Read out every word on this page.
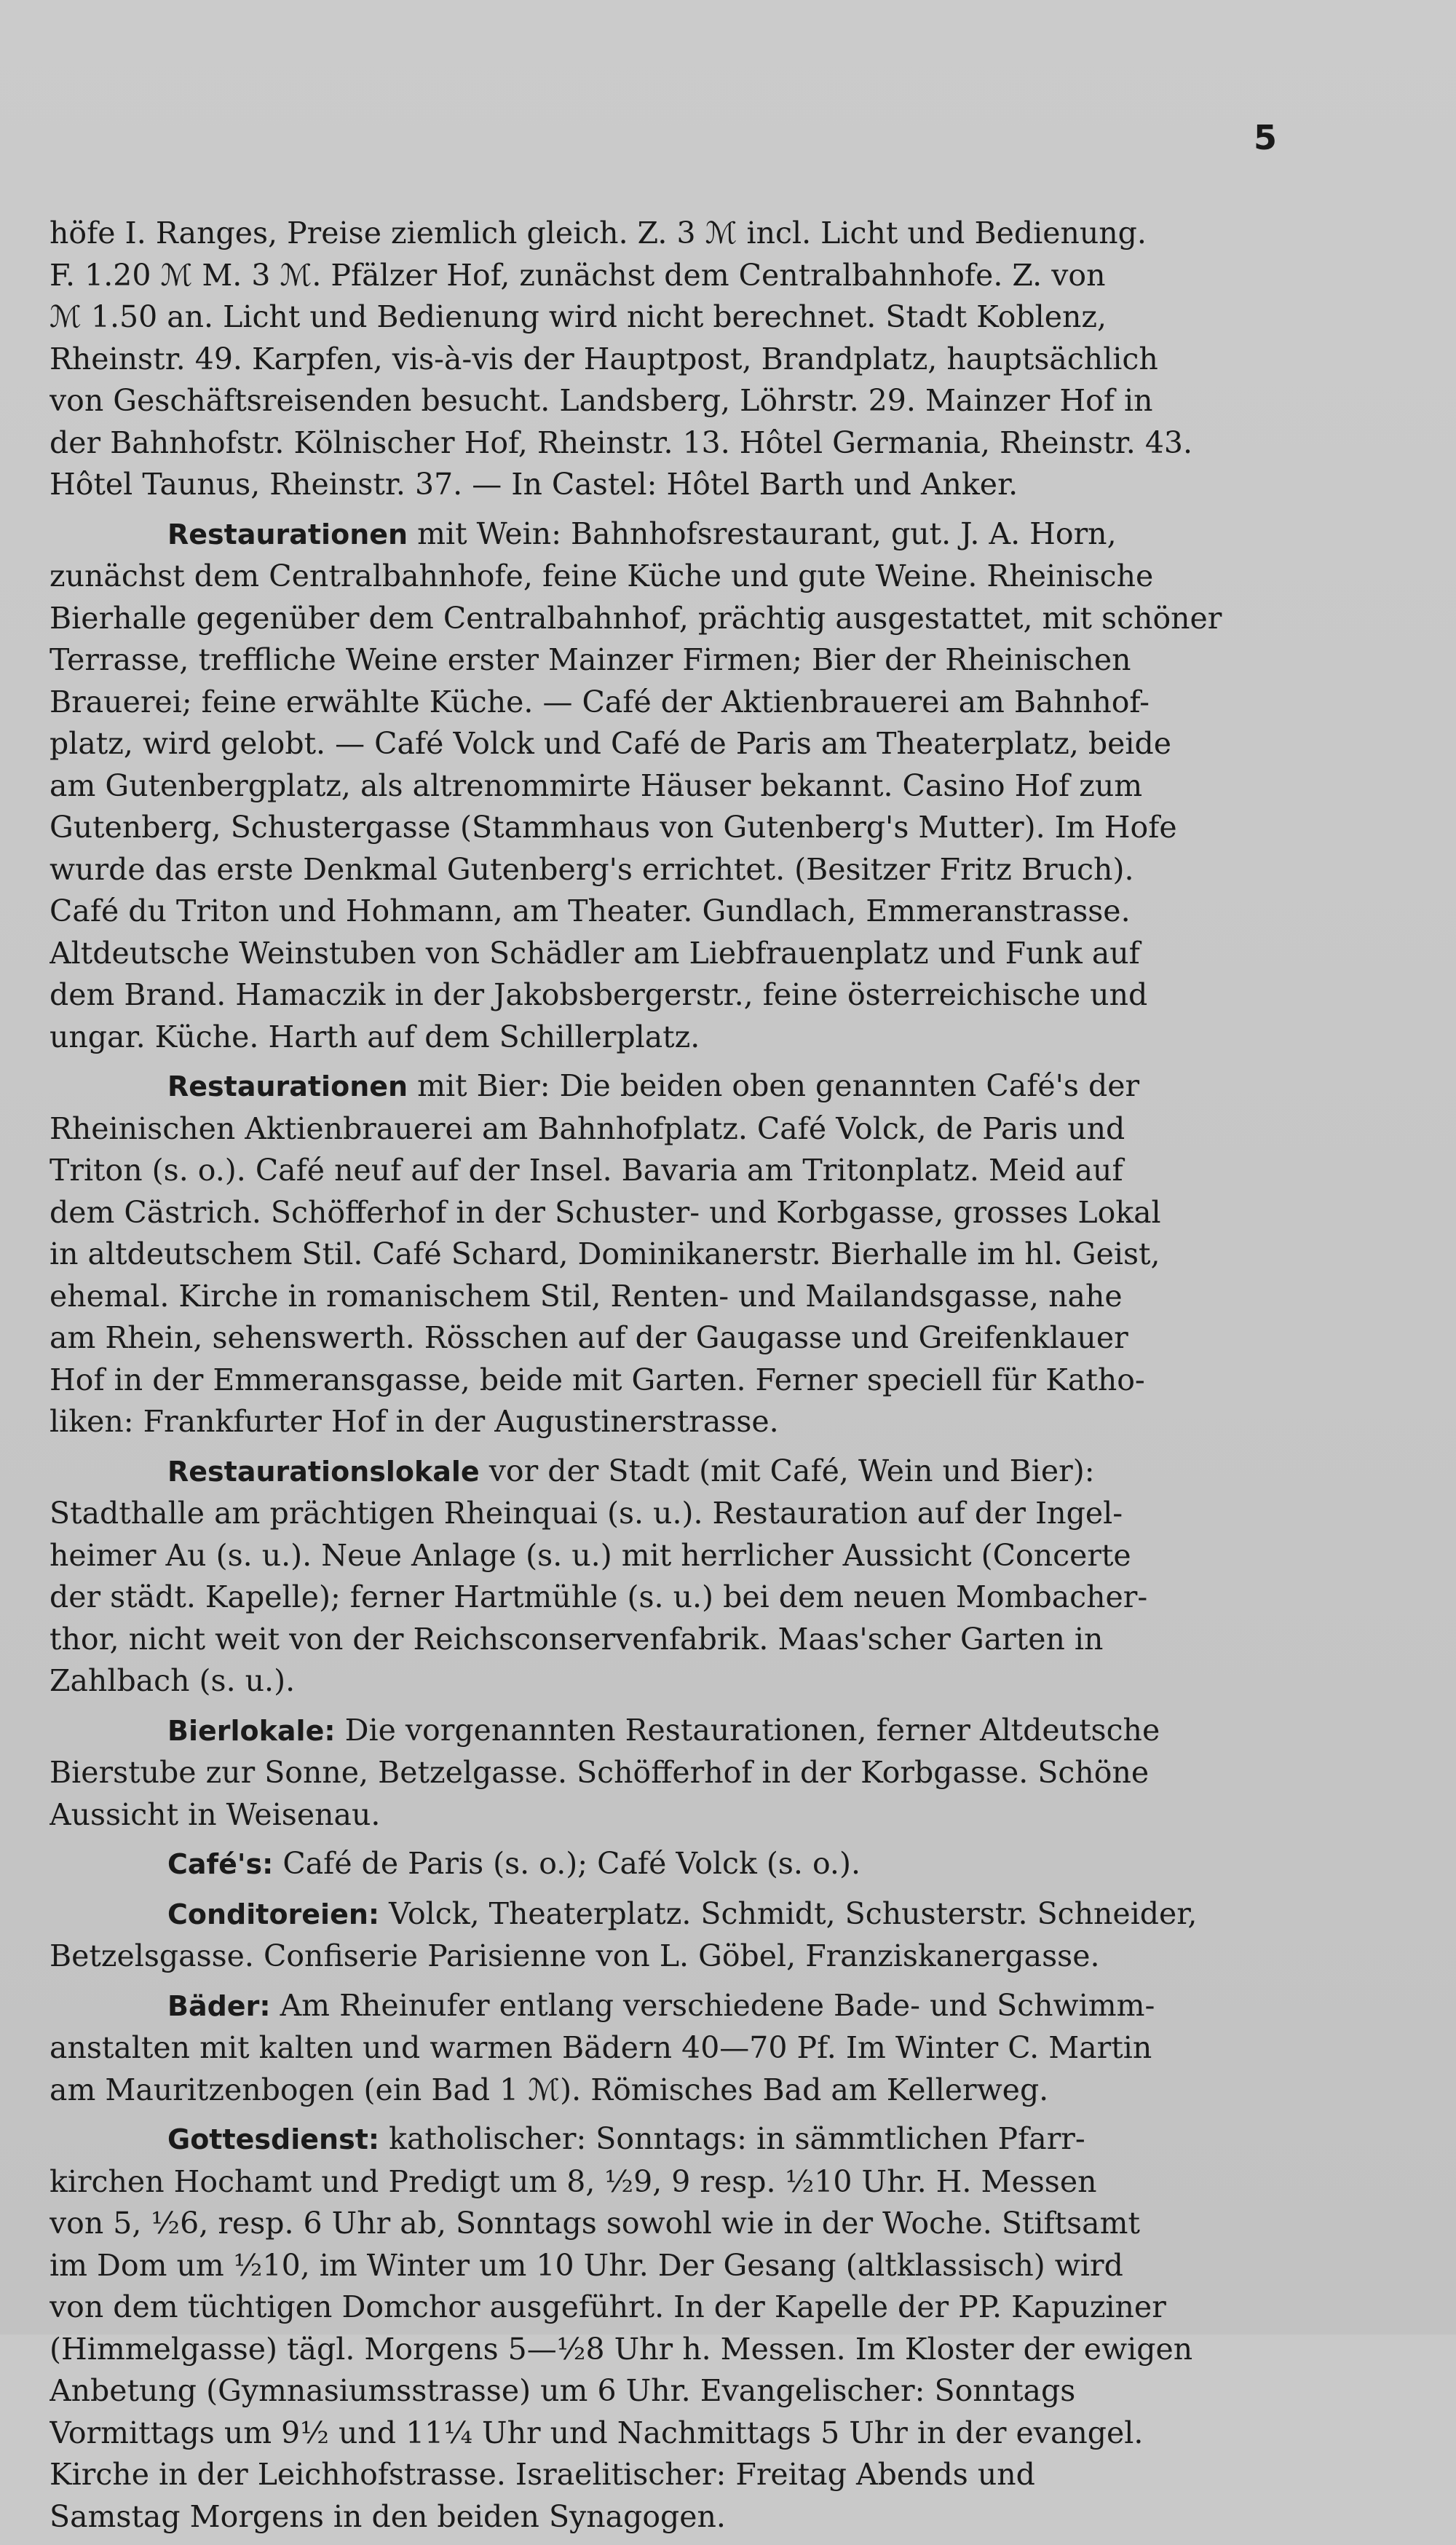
5
höfe I. Ranges, Preise ziemlich gleich. Z. 3 ℳ incl. Licht und Bedienung.
F. 1.20 ℳ M. 3 ℳ. Pfälzer Hof, zunächst dem Centralbahnhofe. Z. von
ℳ 1.50 an. Licht und Bedienung wird nicht berechnet. Stadt Koblenz,
Rheinstr. 49. Karpfen, vis-à-vis der Hauptpost, Brandplatz, hauptsächlich
von Geschäftsreisenden besucht. Landsberg, Löhrstr. 29. Mainzer Hof in
der Bahnhofstr. Kölnischer Hof, Rheinstr. 13. Hôtel Germania, Rheinstr. 43.
Hôtel Taunus, Rheinstr. 37. — In Castel: Hôtel Barth und Anker.
Restaurationen mit Wein: Bahnhofsrestaurant, gut. J. A. Horn,
zunächst dem Centralbahnhofe, feine Küche und gute Weine. Rheinische
Bierhalle gegenüber dem Centralbahnhof, prächtig ausgestattet, mit schöner
Terrasse, treffliche Weine erster Mainzer Firmen; Bier der Rheinischen
Brauerei; feine erwählte Küche. — Café der Aktienbrauerei am Bahnhof-
platz, wird gelobt. — Café Volck und Café de Paris am Theaterplatz, beide
am Gutenbergplatz, als altrenommirte Häuser bekannt. Casino Hof zum
Gutenberg, Schustergasse (Stammhaus von Gutenberg's Mutter). Im Hofe
wurde das erste Denkmal Gutenberg's errichtet. (Besitzer Fritz Bruch).
Café du Triton und Hohmann, am Theater. Gundlach, Emmeranstrasse.
Altdeutsche Weinstuben von Schädler am Liebfrauenplatz und Funk auf
dem Brand. Hamaczik in der Jakobsbergerstr., feine österreichische und
ungar. Küche. Harth auf dem Schillerplatz.
Restaurationen mit Bier: Die beiden oben genannten Café's der
Rheinischen Aktienbrauerei am Bahnhofplatz. Café Volck, de Paris und
Triton (s. o.). Café neuf auf der Insel. Bavaria am Tritonplatz. Meid auf
dem Cästrich. Schöfferhof in der Schuster- und Korbgasse, grosses Lokal
in altdeutschem Stil. Café Schard, Dominikanerstr. Bierhalle im hl. Geist,
ehemal. Kirche in romanischem Stil, Renten- und Mailandsgasse, nahe
am Rhein, sehenswerth. Rösschen auf der Gaugasse und Greifenklauer
Hof in der Emmeransgasse, beide mit Garten. Ferner speciell für Katho-
liken: Frankfurter Hof in der Augustinerstrasse.
Restaurationslokale vor der Stadt (mit Café, Wein und Bier):
Stadthalle am prächtigen Rheinquai (s. u.). Restauration auf der Ingel-
heimer Au (s. u.). Neue Anlage (s. u.) mit herrlicher Aussicht (Concerte
der städt. Kapelle); ferner Hartmühle (s. u.) bei dem neuen Mombacher-
thor, nicht weit von der Reichsconservenfabrik. Maas'scher Garten in
Zahlbach (s. u.).
Bierlokale: Die vorgenannten Restaurationen, ferner Altdeutsche
Bierstube zur Sonne, Betzelgasse. Schöfferhof in der Korbgasse. Schöne
Aussicht in Weisenau.
Café's: Café de Paris (s. o.); Café Volck (s. o.).
Conditoreien: Volck, Theaterplatz. Schmidt, Schusterstr. Schneider,
Betzelsgasse. Confiserie Parisienne von L. Göbel, Franziskanergasse.
Bäder: Am Rheinufer entlang verschiedene Bade- und Schwimm-
anstalten mit kalten und warmen Bädern 40—70 Pf. Im Winter C. Martin
am Mauritzenbogen (ein Bad 1 ℳ). Römisches Bad am Kellerweg.
Gottesdienst: katholischer: Sonntags: in sämmtlichen Pfarr-
kirchen Hochamt und Predigt um 8, ½9, 9 resp. ½10 Uhr. H. Messen
von 5, ½6, resp. 6 Uhr ab, Sonntags sowohl wie in der Woche. Stiftsamt
im Dom um ½10, im Winter um 10 Uhr. Der Gesang (altklassisch) wird
von dem tüchtigen Domchor ausgeführt. In der Kapelle der PP. Kapuziner
(Himmelgasse) tägl. Morgens 5—½8 Uhr h. Messen. Im Kloster der ewigen
Anbetung (Gymnasiumsstrasse) um 6 Uhr. Evangelischer: Sonntags
Vormittags um 9½ und 11¼ Uhr und Nachmittags 5 Uhr in der evangel.
Kirche in der Leichhofstrasse. Israelitischer: Freitag Abends und
Samstag Morgens in den beiden Synagogen.
